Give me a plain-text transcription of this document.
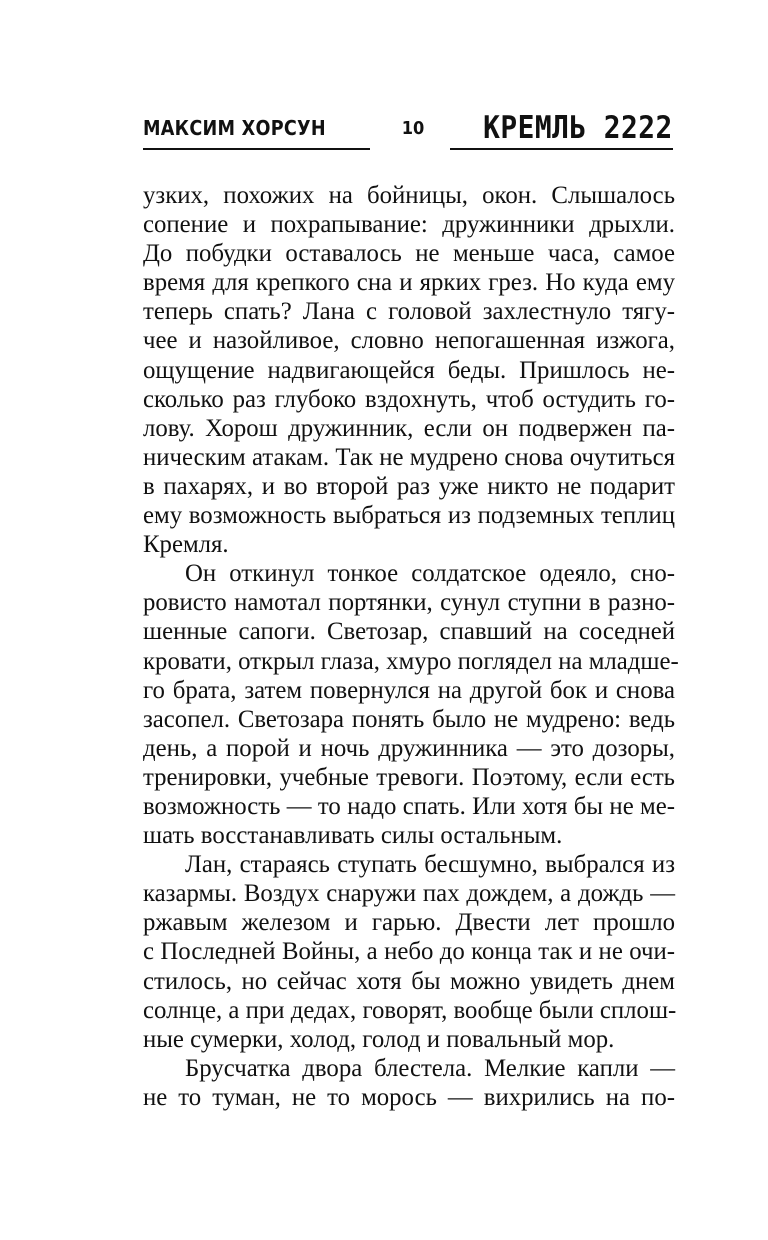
МАКСИМ ХОРСУН	10 КРЕМЛЬ 2222
узких, похожих на бойницы, окон. Слышалось
сопение и похрапывание: дружинники дрыхли.
До побудки оставалось не меньше часа, самое
время для крепкого сна и ярких грез. Но куда ему
теперь спать? Лана с головой захлестнуло тягу-
чее и назойливое, словно непогашенная изжога,
ощущение надвигающейся беды. Пришлось не-
сколько раз глубоко вздохнуть, чтоб остудить го-
лову. Хорош дружинник, если он подвержен па-
ническим атакам. Так не мудрено снова очутиться
в пахарях, и во второй раз уже никто не подарит
ему возможность выбраться из подземных теплиц
Кремля.
Он откинул тонкое солдатское одеяло, сно-
ровисто намотал портянки, сунул ступни в разно-
шенные сапоги. Светозар, спавший на соседней
кровати, открыл глаза, хмуро поглядел на младше-
го брата, затем повернулся на другой бок и снова
засопел. Светозара понять было не мудрено: ведь
день, а порой и ночь дружинника — это дозоры,
тренировки, учебные тревоги. Поэтому, если есть
возможность — то надо спать. Или хотя бы не ме-
шать восстанавливать силы остальным.
Лан, стараясь ступать бесшумно, выбрался из
казармы. Воздух снаружи пах дождем, а дождь —
ржавым железом и гарью. Двести лет прошло
с Последней Войны, а небо до конца так и не очи-
стилось, но сейчас хотя бы можно увидеть днем
солнце, а при дедах, говорят, вообще были сплош-
ные сумерки, холод, голод и повальный мор.
Брусчатка двора блестела. Мелкие капли —
не то туман, не то морось — вихрились на по-
